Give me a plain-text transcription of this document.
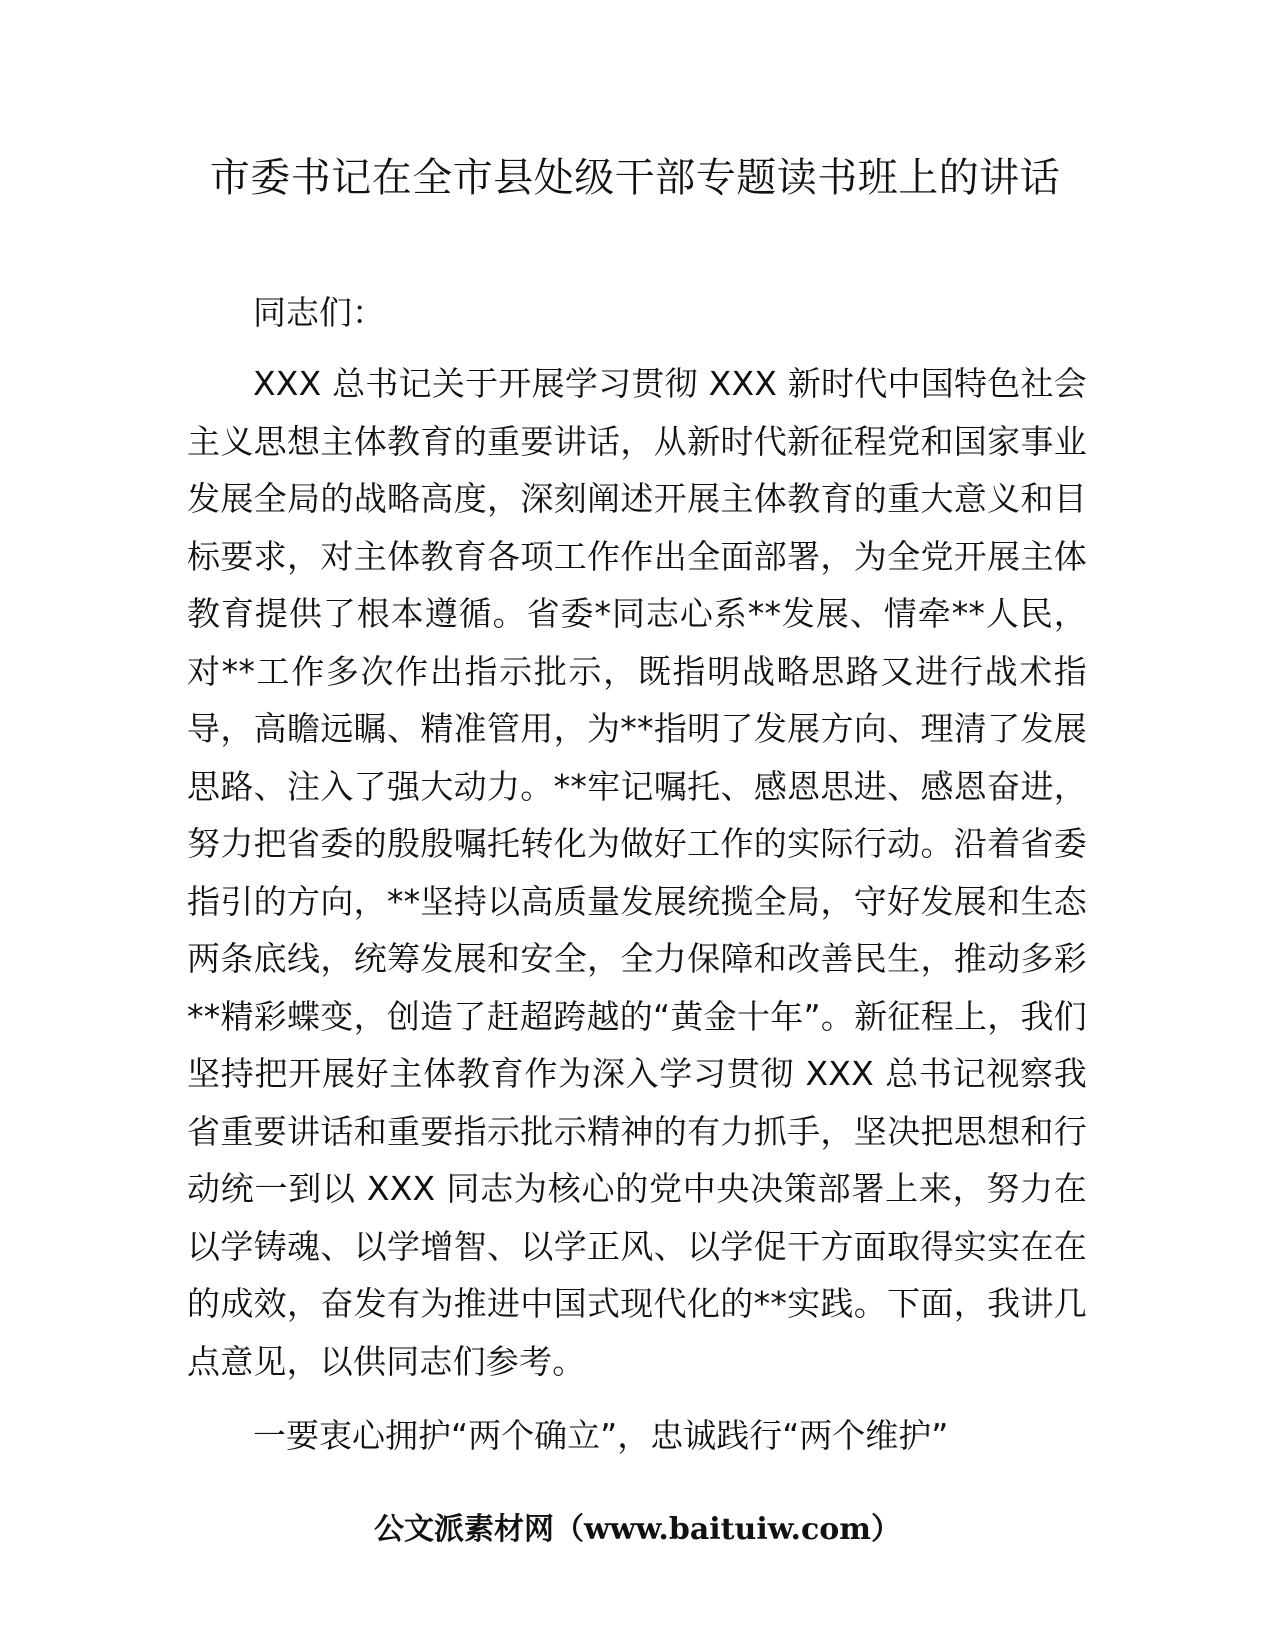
市委书记在全市县处级干部专题读书班上的讲话

同志们：

XXX 总书记关于开展学习贯彻 XXX 新时代中国特色社会主义思想主体教育的重要讲话，从新时代新征程党和国家事业发展全局的战略高度，深刻阐述开展主体教育的重大意义和目标要求，对主体教育各项工作作出全面部署，为全党开展主体教育提供了根本遵循。省委*同志心系**发展、情牵**人民，对**工作多次作出指示批示，既指明战略思路又进行战术指导，高瞻远瞩、精准管用，为**指明了发展方向、理清了发展思路、注入了强大动力。**牢记嘱托、感恩思进、感恩奋进，努力把省委的殷殷嘱托转化为做好工作的实际行动。沿着省委指引的方向，**坚持以高质量发展统揽全局，守好发展和生态两条底线，统筹发展和安全，全力保障和改善民生，推动多彩**精彩蝶变，创造了赶超跨越的“黄金十年”。新征程上，我们坚持把开展好主体教育作为深入学习贯彻 XXX 总书记视察我省重要讲话和重要指示批示精神的有力抓手，坚决把思想和行动统一到以 XXX 同志为核心的党中央决策部署上来，努力在以学铸魂、以学增智、以学正风、以学促干方面取得实实在在的成效，奋发有为推进中国式现代化的**实践。下面，我讲几点意见，以供同志们参考。

一要衷心拥护“两个确立”，忠诚践行“两个维护”

公文派素材网（www.baituiw.com）
